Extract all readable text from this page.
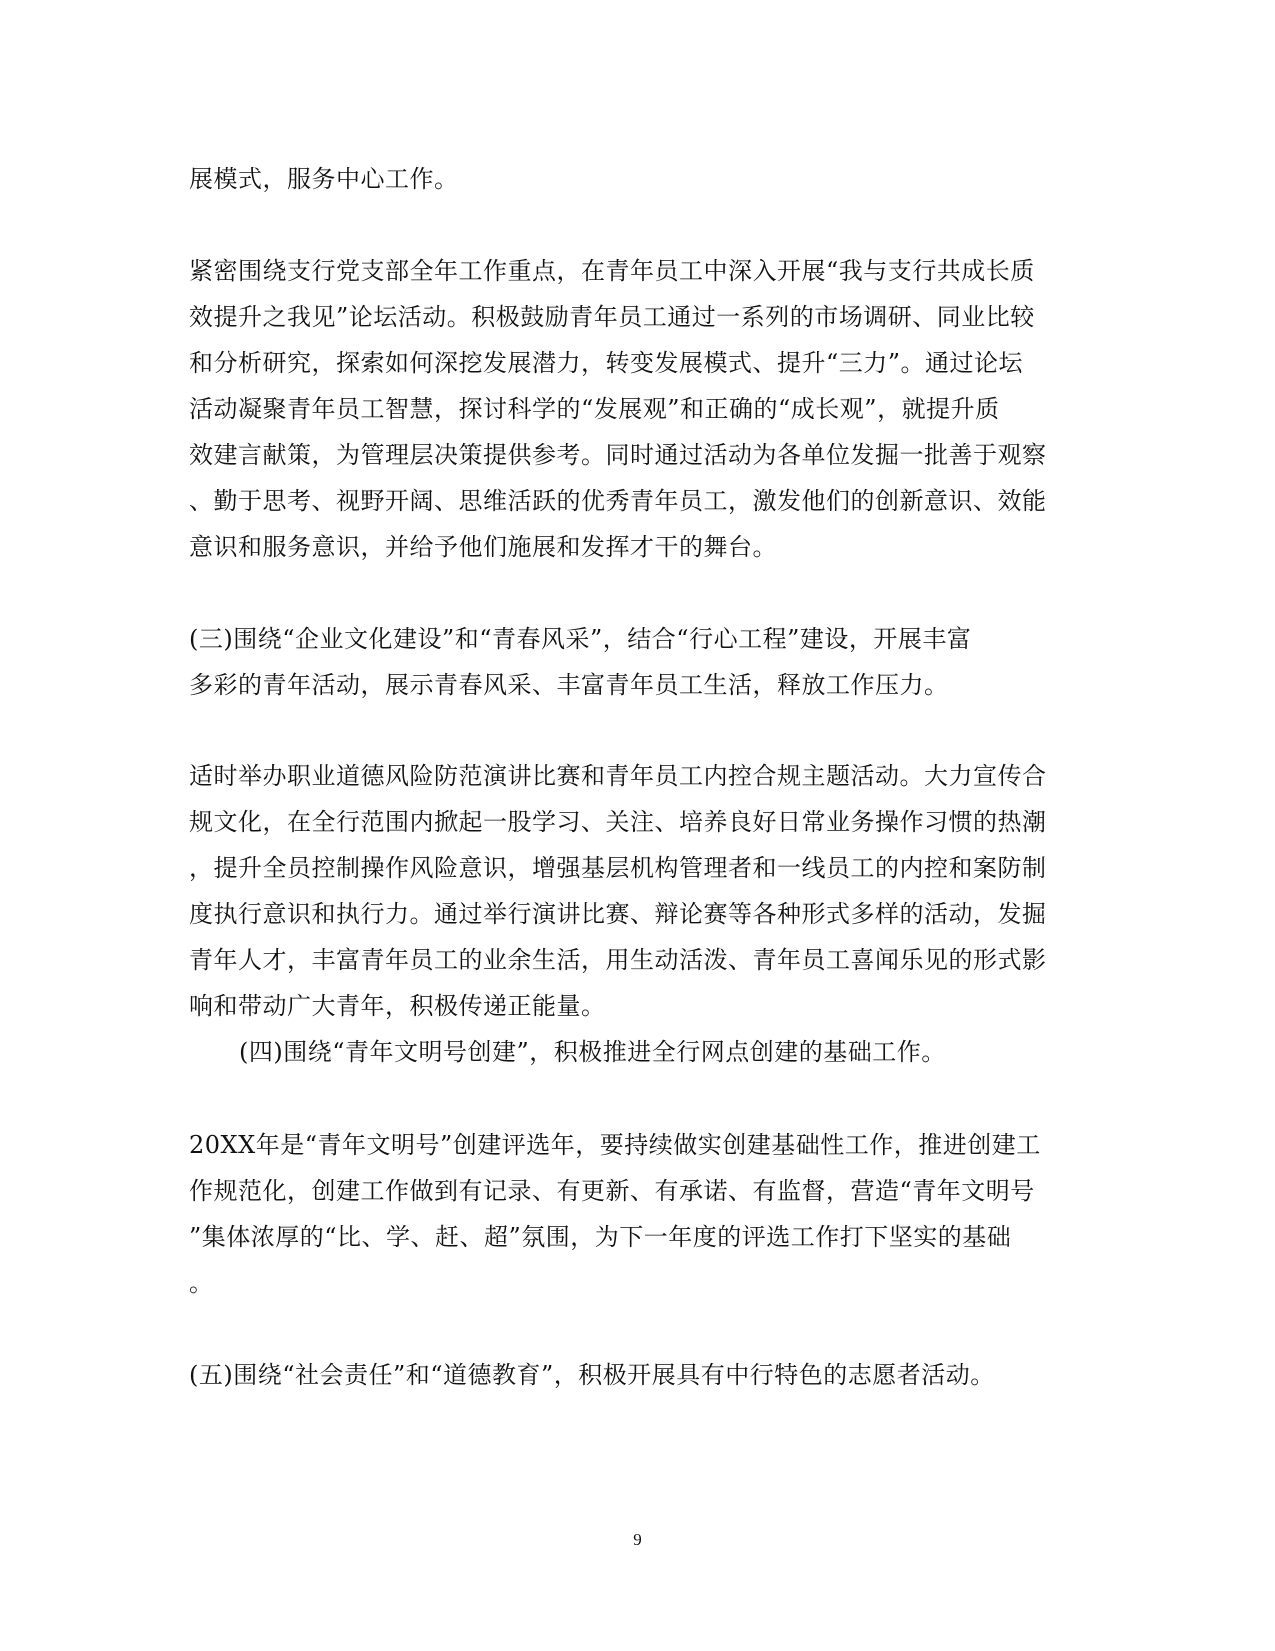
展模式，服务中心工作。
紧密围绕支行党支部全年工作重点，在青年员工中深入开展“我与支行共成长质
效提升之我见”论坛活动。积极鼓励青年员工通过一系列的市场调研、同业比较
和分析研究，探索如何深挖发展潜力，转变发展模式、提升“三力”。通过论坛
活动凝聚青年员工智慧，探讨科学的“发展观”和正确的“成长观”，就提升质
效建言献策，为管理层决策提供参考。同时通过活动为各单位发掘一批善于观察
、勤于思考、视野开阔、思维活跃的优秀青年员工，激发他们的创新意识、效能
意识和服务意识，并给予他们施展和发挥才干的舞台。
(三)围绕“企业文化建设”和“青春风采”，结合“行心工程”建设，开展丰富
多彩的青年活动，展示青春风采、丰富青年员工生活，释放工作压力。
适时举办职业道德风险防范演讲比赛和青年员工内控合规主题活动。大力宣传合
规文化，在全行范围内掀起一股学习、关注、培养良好日常业务操作习惯的热潮
，提升全员控制操作风险意识，增强基层机构管理者和一线员工的内控和案防制
度执行意识和执行力。通过举行演讲比赛、辩论赛等各种形式多样的活动，发掘
青年人才，丰富青年员工的业余生活，用生动活泼、青年员工喜闻乐见的形式影
响和带动广大青年，积极传递正能量。
(四)围绕“青年文明号创建”，积极推进全行网点创建的基础工作。
20XX年是“青年文明号”创建评选年，要持续做实创建基础性工作，推进创建工
作规范化，创建工作做到有记录、有更新、有承诺、有监督，营造“青年文明号
”集体浓厚的“比、学、赶、超”氛围，为下一年度的评选工作打下坚实的基础
。
(五)围绕“社会责任”和“道德教育”，积极开展具有中行特色的志愿者活动。
9
